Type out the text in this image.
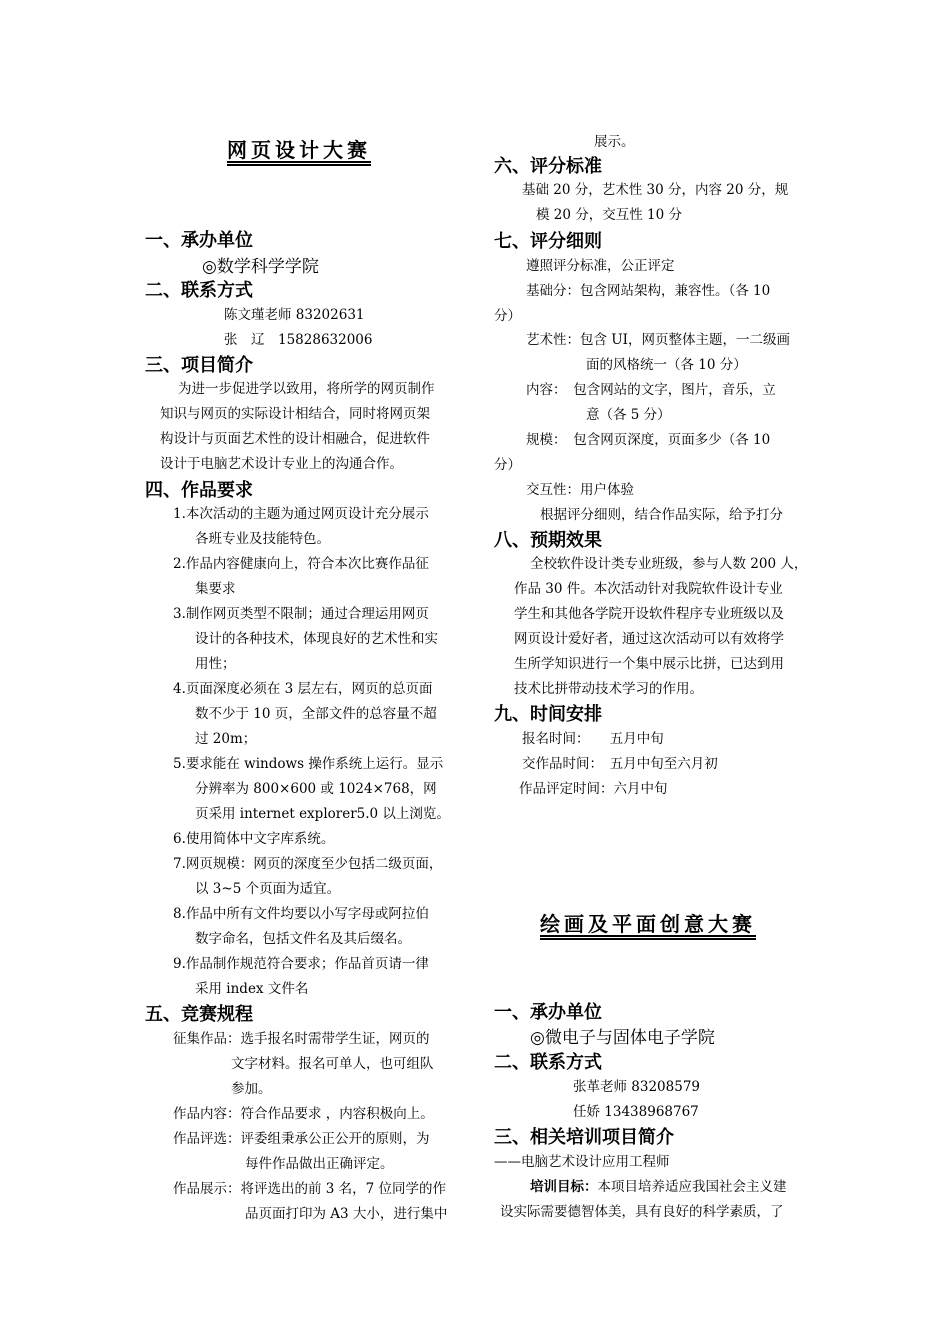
网页设计大赛
一、承办单位
◎数学科学学院
二、联系方式
陈文瑾老师 83202631
张　辽　15828632006
三、项目简介
为进一步促进学以致用，将所学的网页制作
知识与网页的实际设计相结合，同时将网页架
构设计与页面艺术性的设计相融合，促进软件
设计于电脑艺术设计专业上的沟通合作。
四、作品要求
1.本次活动的主题为通过网页设计充分展示
各班专业及技能特色。
2.作品内容健康向上，符合本次比赛作品征
集要求
3.制作网页类型不限制；通过合理运用网页
设计的各种技术，体现良好的艺术性和实
用性；
4.页面深度必须在 3 层左右，网页的总页面
数不少于 10 页，全部文件的总容量不超
过 20m；
5.要求能在 windows 操作系统上运行。显示
分辨率为 800×600 或 1024×768，网
页采用 internet explorer5.0 以上浏览。
6.使用简体中文字库系统。
7.网页规模：网页的深度至少包括二级页面，
以 3~5 个页面为适宜。
8.作品中所有文件均要以小写字母或阿拉伯
数字命名，包括文件名及其后缀名。
9.作品制作规范符合要求；作品首页请一律
采用 index 文件名
五、竞赛规程
征集作品：选手报名时需带学生证，网页的
文字材料。报名可单人，也可组队
参加。
作品内容：符合作品要求 ，内容积极向上。
作品评选：评委组秉承公正公开的原则，为
每件作品做出正确评定。
作品展示：将评选出的前 3 名，7 位同学的作
品页面打印为 A3 大小，进行集中
展示。
六、评分标准
基础 20 分，艺术性 30 分，内容 20 分，规
模 20 分，交互性 10 分
七、评分细则
遵照评分标准，公正评定
基础分：包含网站架构，兼容性。（各 10
分）
艺术性：包含 UI，网页整体主题，一二级画
面的风格统一（各 10 分）
内容：　包含网站的文字，图片，音乐，立
意（各 5 分）
规模：　包含网页深度，页面多少（各 10
分）
交互性：用户体验
根据评分细则，结合作品实际，给予打分
八、预期效果
全校软件设计类专业班级，参与人数 200 人，
作品 30 件。本次活动针对我院软件设计专业
学生和其他各学院开设软件程序专业班级以及
网页设计爱好者，通过这次活动可以有效将学
生所学知识进行一个集中展示比拼，已达到用
技术比拼带动技术学习的作用。
九、时间安排
报名时间：　　五月中旬
交作品时间：　五月中旬至六月初
作品评定时间：六月中旬
绘画及平面创意大赛
一、承办单位
◎微电子与固体电子学院
二、联系方式
张革老师 83208579
任娇 13438968767
三、相关培训项目简介
——电脑艺术设计应用工程师
培训目标：本项目培养适应我国社会主义建
设实际需要德智体美，具有良好的科学素质，了
